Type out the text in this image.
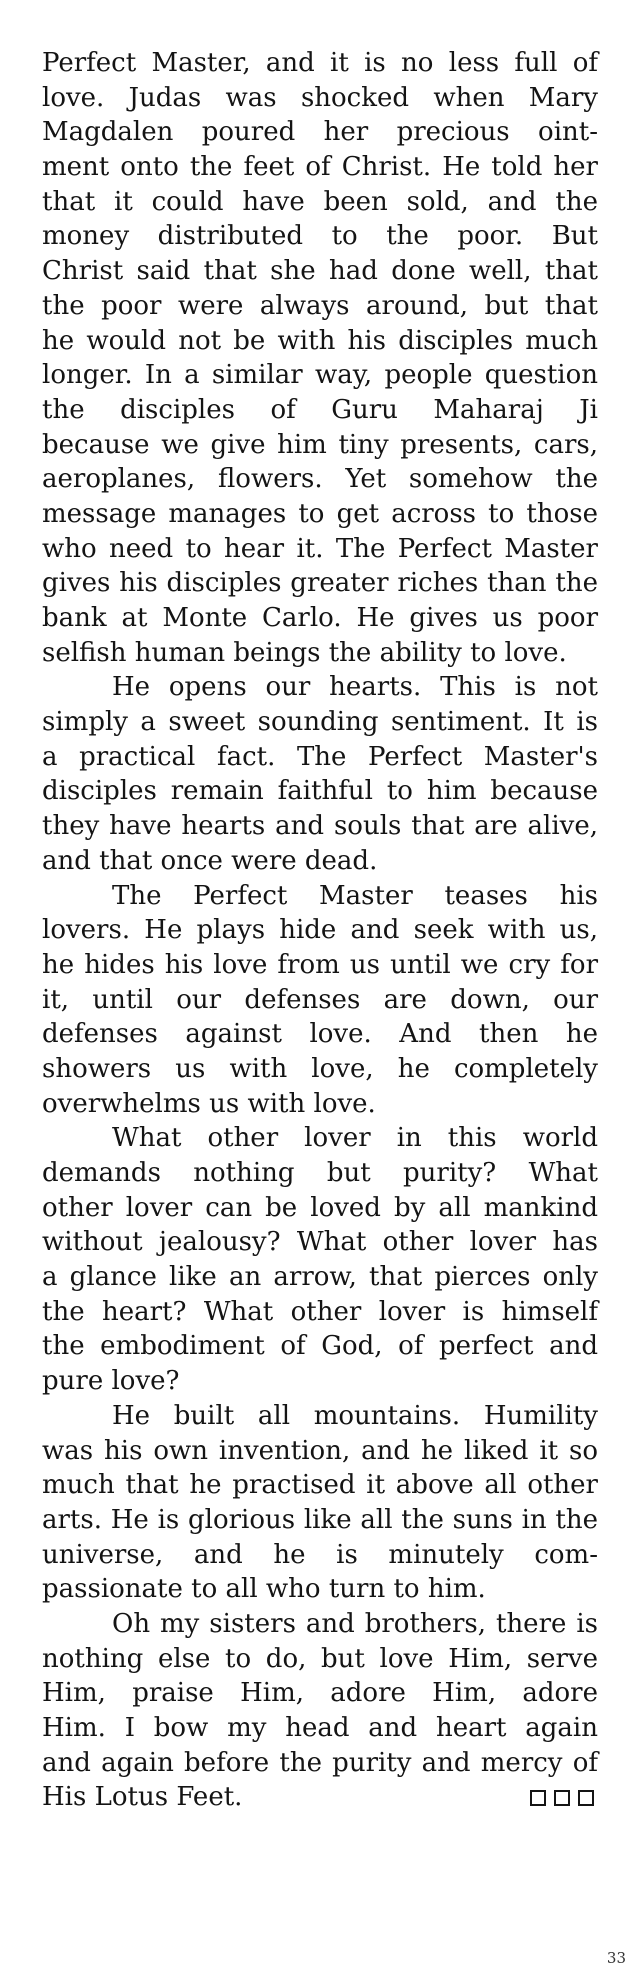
Perfect Master, and it is no less full of
love. Judas was shocked when Mary
Magdalen poured her precious oint-
ment onto the feet of Christ. He told her
that it could have been sold, and the
money distributed to the poor. But
Christ said that she had done well, that
the poor were always around, but that
he would not be with his disciples much
longer. In a similar way, people question
the disciples of Guru Maharaj Ji
because we give him tiny presents, cars,
aeroplanes, flowers. Yet somehow the
message manages to get across to those
who need to hear it. The Perfect Master
gives his disciples greater riches than the
bank at Monte Carlo. He gives us poor
selfish human beings the ability to love.
He opens our hearts. This is not
simply a sweet sounding sentiment. It is
a practical fact. The Perfect Master's
disciples remain faithful to him because
they have hearts and souls that are alive,
and that once were dead.
The Perfect Master teases his
lovers. He plays hide and seek with us,
he hides his love from us until we cry for
it, until our defenses are down, our
defenses against love. And then he
showers us with love, he completely
overwhelms us with love.
What other lover in this world
demands nothing but purity? What
other lover can be loved by all mankind
without jealousy? What other lover has
a glance like an arrow, that pierces only
the heart? What other lover is himself
the embodiment of God, of perfect and
pure love?
He built all mountains. Humility
was his own invention, and he liked it so
much that he practised it above all other
arts. He is glorious like all the suns in the
universe, and he is minutely com-
passionate to all who turn to him.
Oh my sisters and brothers, there is
nothing else to do, but love Him, serve
Him, praise Him, adore Him, adore
Him. I bow my head and heart again
and again before the purity and mercy of
His Lotus Feet.
33
